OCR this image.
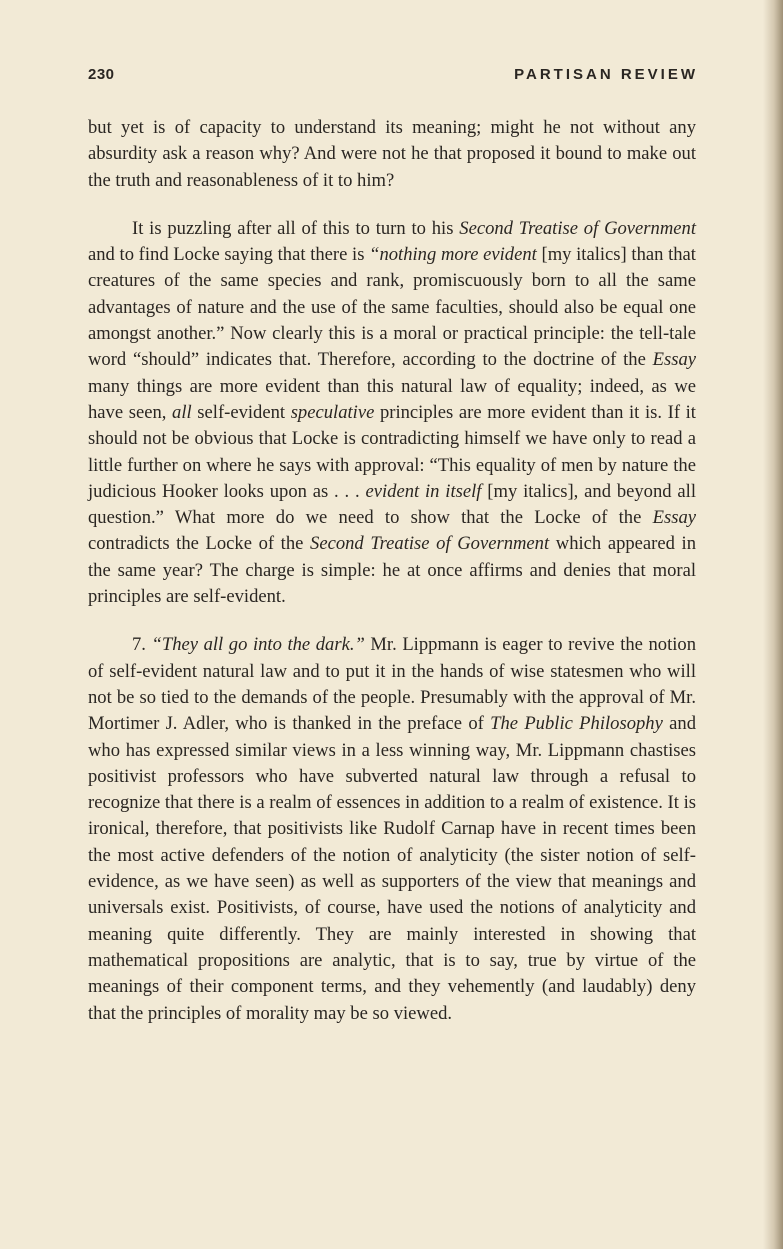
230	PARTISAN REVIEW

but yet is of capacity to understand its meaning; might he not without any absurdity ask a reason why? And were not he that proposed it bound to make out the truth and reasonableness of it to him?

It is puzzling after all of this to turn to his Second Treatise of Government and to find Locke saying that there is “nothing more evident [my italics] than that creatures of the same species and rank, promiscuously born to all the same advantages of nature and the use of the same faculties, should also be equal one amongst another.” Now clearly this is a moral or practical principle: the tell-tale word “should” indicates that. Therefore, according to the doctrine of the Essay many things are more evident than this natural law of equality; indeed, as we have seen, all self-evident speculative principles are more evident than it is. If it should not be obvious that Locke is contradicting himself we have only to read a little further on where he says with approval: “This equality of men by nature the judicious Hooker looks upon as . . . evident in itself [my italics], and beyond all question.” What more do we need to show that the Locke of the Essay contradicts the Locke of the Second Treatise of Government which appeared in the same year? The charge is simple: he at once affirms and denies that moral principles are self-evident.

7. “They all go into the dark.” Mr. Lippmann is eager to revive the notion of self-evident natural law and to put it in the hands of wise statesmen who will not be so tied to the demands of the people. Presumably with the approval of Mr. Mortimer J. Adler, who is thanked in the preface of The Public Philosophy and who has expressed similar views in a less winning way, Mr. Lippmann chastises positivist professors who have subverted natural law through a refusal to recognize that there is a realm of essences in addition to a realm of existence. It is ironical, therefore, that positivists like Rudolf Carnap have in recent times been the most active defenders of the notion of analyticity (the sister notion of self-evidence, as we have seen) as well as supporters of the view that meanings and universals exist. Positivists, of course, have used the notions of analyticity and meaning quite differently. They are mainly interested in showing that mathematical propositions are analytic, that is to say, true by virtue of the meanings of their component terms, and they vehemently (and laudably) deny that the principles of morality may be so viewed.
